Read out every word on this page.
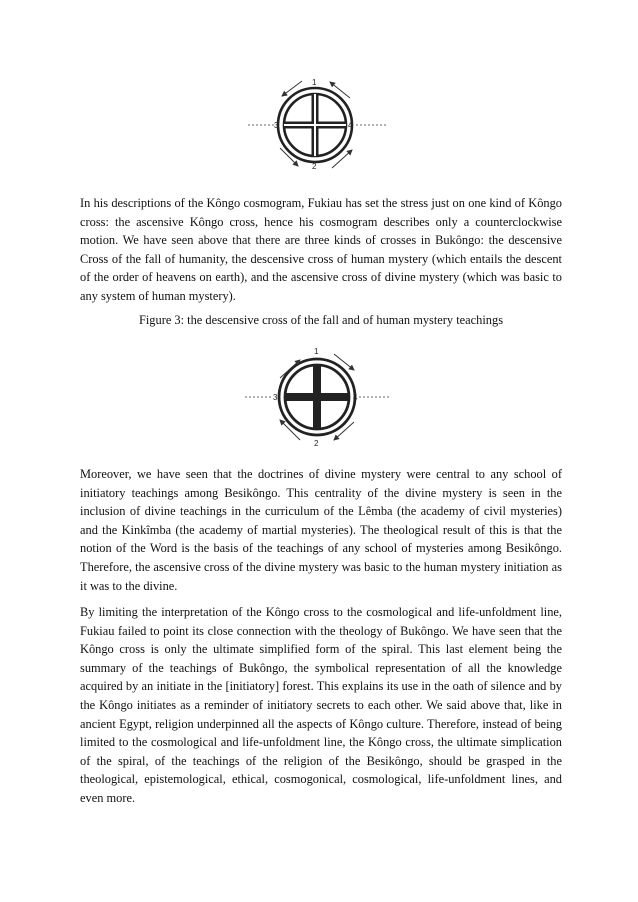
1
2
3	4

In his descriptions of the Kôngo cosmogram, Fukiau has set the stress just on one kind of Kôngo cross: the ascensive Kôngo cross, hence his cosmogram describes only a counterclockwise motion. We have seen above that there are three kinds of crosses in Bukôngo: the descensive Cross of the fall of humanity, the descensive cross of human mystery (which entails the descent of the order of heavens on earth), and the ascensive cross of divine mystery (which was basic to any system of human mystery).

Figure 3: the descensive cross of the fall and of human mystery teachings

1
2
3	4

Moreover, we have seen that the doctrines of divine mystery were central to any school of initiatory teachings among Besikôngo. This centrality of the divine mystery is seen in the inclusion of divine teachings in the curriculum of the Lêmba (the academy of civil mysteries) and the Kinkîmba (the academy of martial mysteries). The theological result of this is that the notion of the Word is the basis of the teachings of any school of mysteries among Besikôngo. Therefore, the ascensive cross of the divine mystery was basic to the human mystery initiation as it was to the divine.

By limiting the interpretation of the Kôngo cross to the cosmological and life-unfoldment line, Fukiau failed to point its close connection with the theology of Bukôngo. We have seen that the Kôngo cross is only the ultimate simplified form of the spiral. This last element being the summary of the teachings of Bukôngo, the symbolical representation of all the knowledge acquired by an initiate in the [initiatory] forest. This explains its use in the oath of silence and by the Kôngo initiates as a reminder of initiatory secrets to each other. We said above that, like in ancient Egypt, religion underpinned all the aspects of Kôngo culture. Therefore, instead of being limited to the cosmological and life-unfoldment line, the Kôngo cross, the ultimate simplication of the spiral, of the teachings of the religion of the Besikôngo, should be grasped in the theological, epistemological, ethical, cosmogonical, cosmological, life-unfoldment lines, and even more.
